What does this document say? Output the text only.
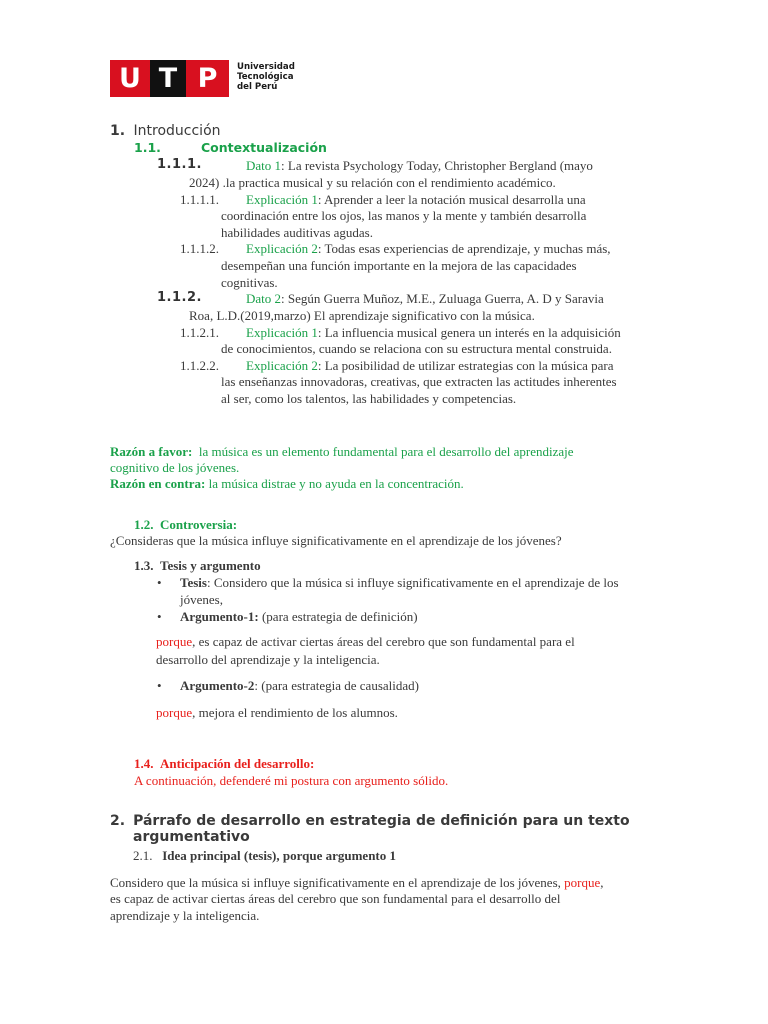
U T P	Universidad
Tecnológica
del Perú
1. Introducción
1.1.	Contextualización
1.1.1.	Dato 1: La revista Psychology Today, Christopher Bergland (mayo
2024) .la practica musical y su relación con el rendimiento académico.
1.1.1.1. Explicación 1: Aprender a leer la notación musical desarrolla una
coordinación entre los ojos, las manos y la mente y también desarrolla
habilidades auditivas agudas.
1.1.1.2. Explicación 2: Todas esas experiencias de aprendizaje, y muchas más,
desempeñan una función importante en la mejora de las capacidades
cognitivas.
1.1.2.	Dato 2: Según Guerra Muñoz, M.E., Zuluaga Guerra, A. D y Saravia
Roa, L.D.(2019,marzo) El aprendizaje significativo con la música.
1.1.2.1. Explicación 1: La influencia musical genera un interés en la adquisición
de conocimientos, cuando se relaciona con su estructura mental construida.
1.1.2.2. Explicación 2: La posibilidad de utilizar estrategias con la música para
las enseñanzas innovadoras, creativas, que extracten las actitudes inherentes
al ser, como los talentos, las habilidades y competencias.
Razón a favor: la música es un elemento fundamental para el desarrollo del aprendizaje
cognitivo de los jóvenes.
Razón en contra: la música distrae y no ayuda en la concentración.
1.2. Controversia:
¿Consideras que la música influye significativamente en el aprendizaje de los jóvenes?
1.3. Tesis y argumento
• Tesis: Considero que la música si influye significativamente en el aprendizaje de los
jóvenes,
• Argumento-1: (para estrategia de definición)
porque, es capaz de activar ciertas áreas del cerebro que son fundamental para el
desarrollo del aprendizaje y la inteligencia.
• Argumento-2: (para estrategia de causalidad)
porque, mejora el rendimiento de los alumnos.
1.4. Anticipación del desarrollo:
A continuación, defenderé mi postura con argumento sólido.
2. Párrafo de desarrollo en estrategia de definición para un texto
argumentativo
2.1. Idea principal (tesis), porque argumento 1
Considero que la música si influye significativamente en el aprendizaje de los jóvenes, porque,
es capaz de activar ciertas áreas del cerebro que son fundamental para el desarrollo del
aprendizaje y la inteligencia.
